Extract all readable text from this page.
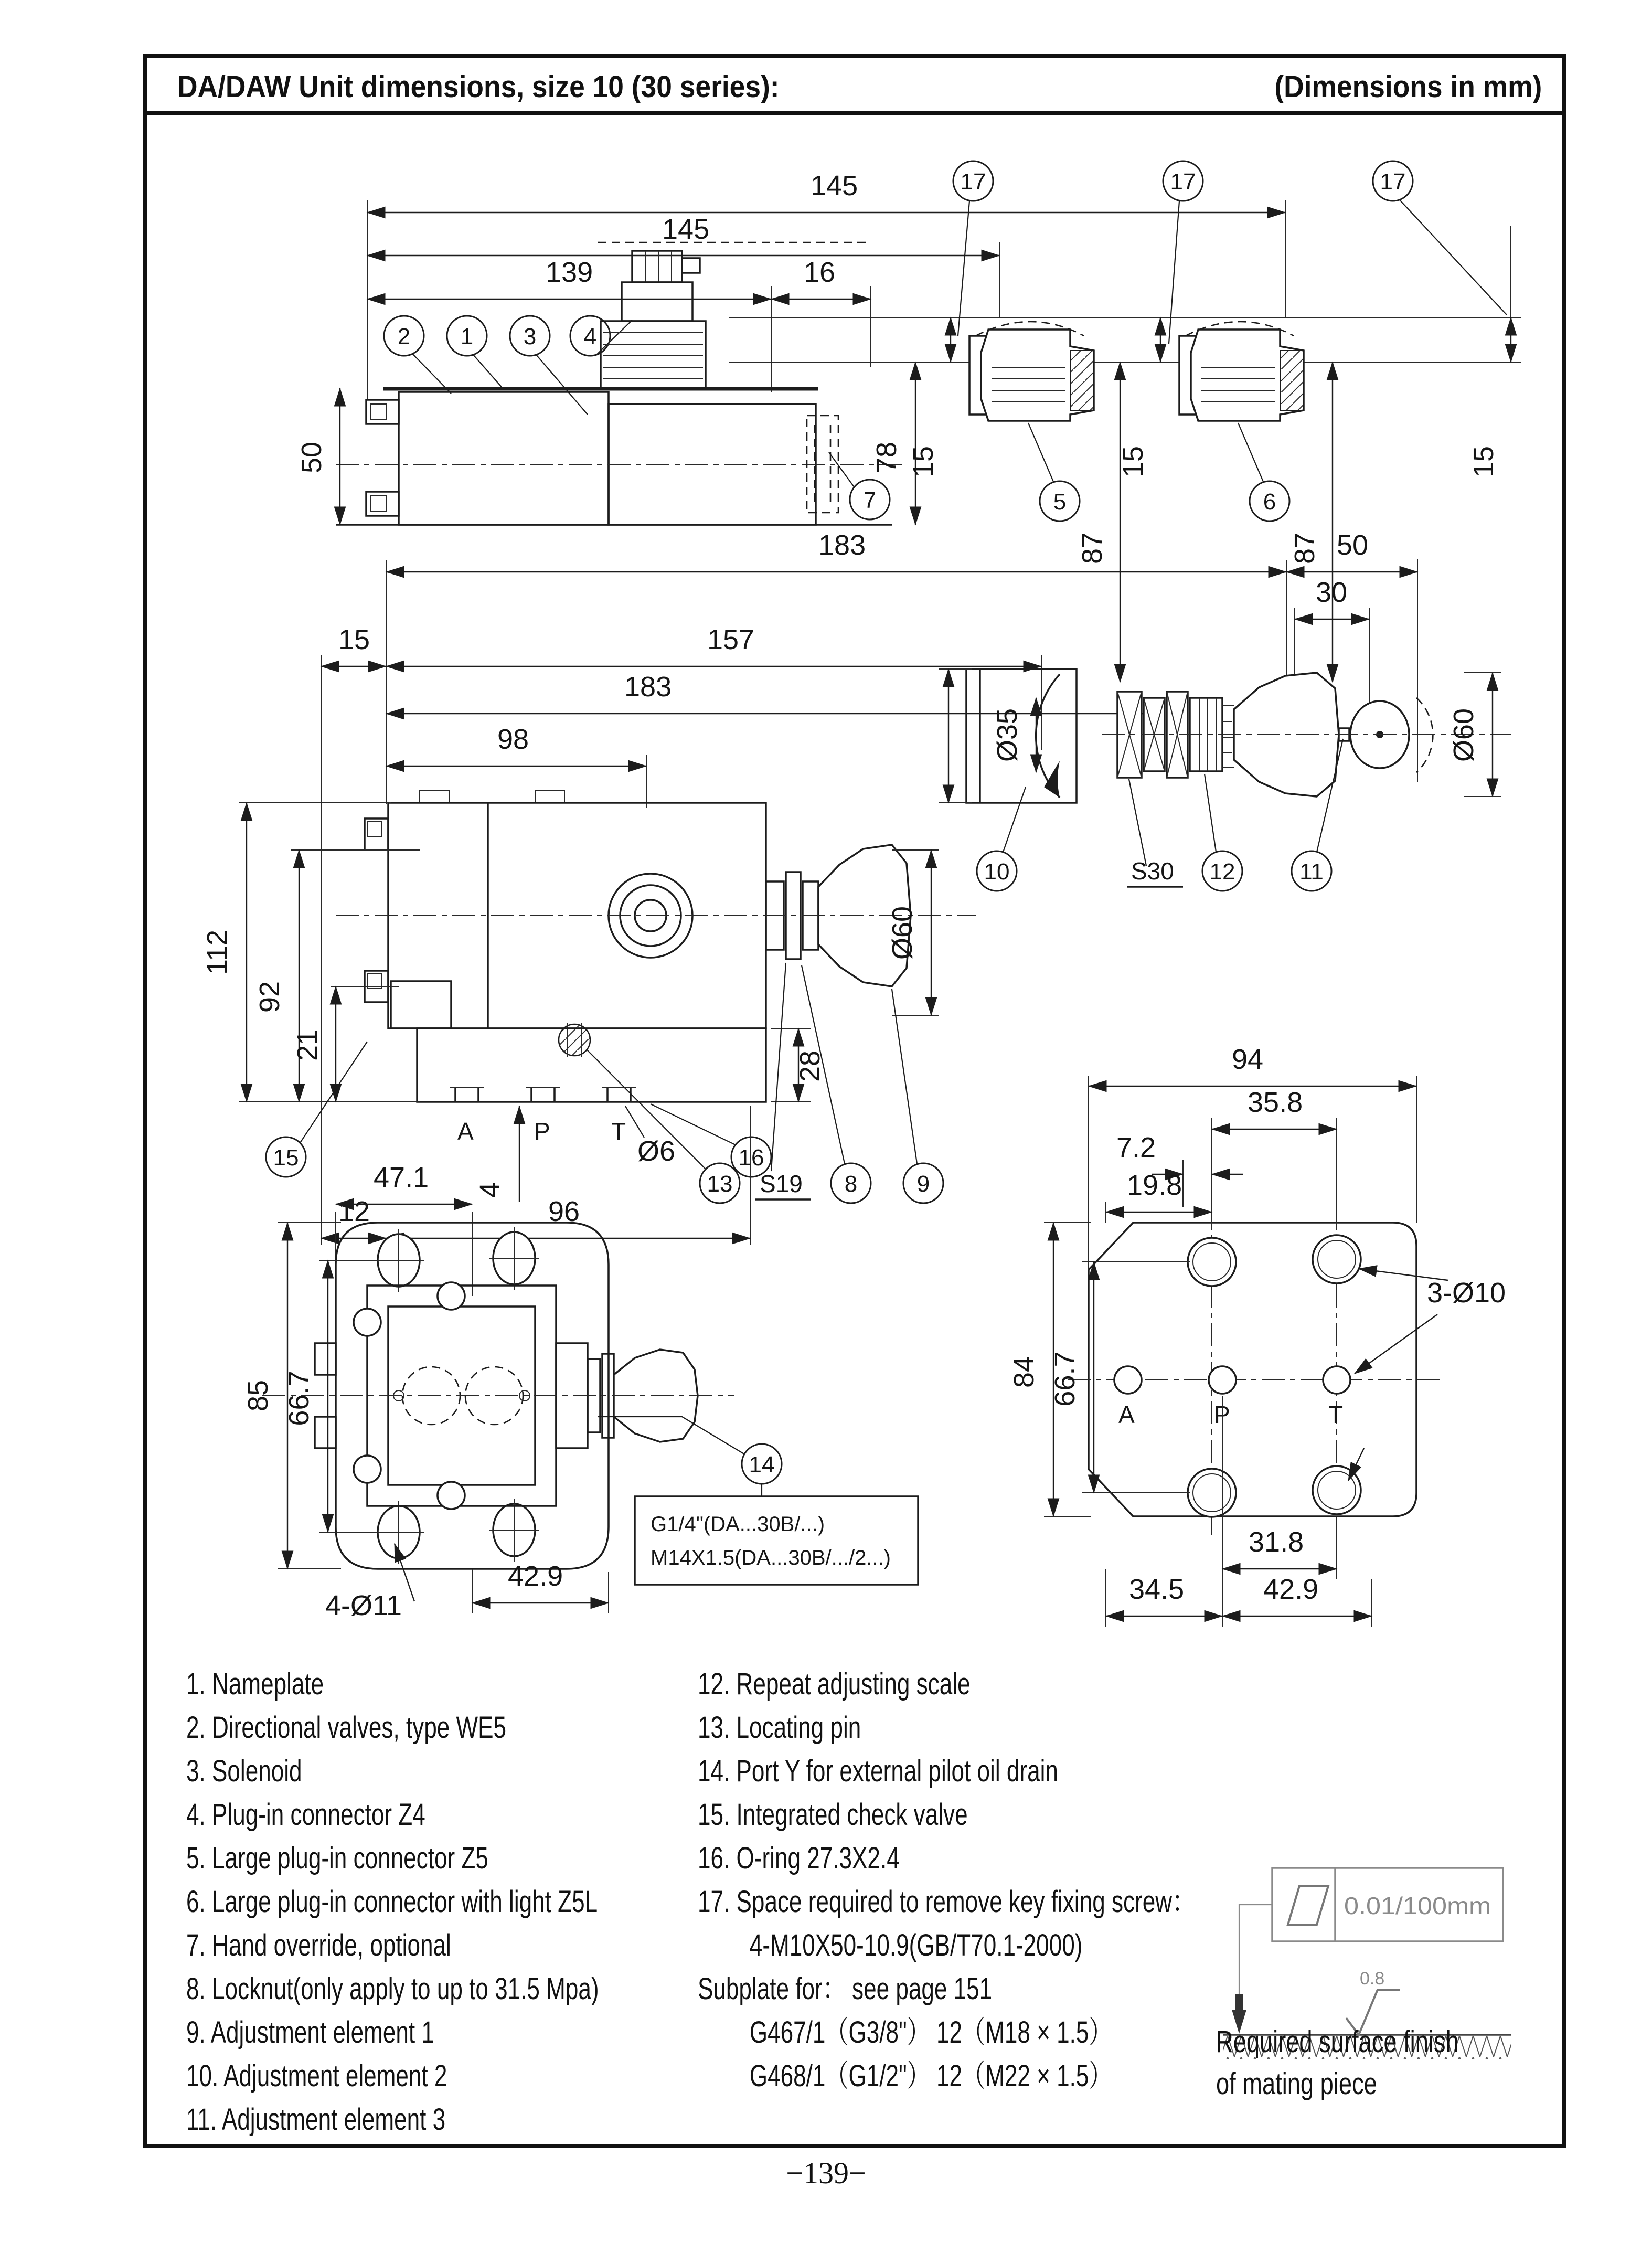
DA/DAW Unit dimensions, size 10 (30 series):	(Dimensions in mm)
145
145
139	16
2 1 3 4
7
50	78
17	17	17
5	6
15
87
15
87
15
183	50
30
157
15
183
98
Ø60
112
92
21
15
28
A	P	T
Ø6	16
4
12	96
13 S19 8	9
Ø35
10
Ø60
S30 12	11
47.1
85 66.7
4-Ø11
42.9
14
G1/4"(DA...30B/...)
M14X1.5(DA...30B/.../2...)
A	P	T
94
35.8
7.2
19.8
84 66.7
3-Ø10
31.8
34.5	42.9
0.01/100mm
0.8
1. Nameplate
2. Directional valves, type WE5
3. Solenoid
4. Plug-in connector Z4
5. Large plug-in connector Z5
6. Large plug-in connector with light Z5L
7. Hand override, optional
8. Locknut(only apply to up to 31.5 Mpa)
9. Adjustment element 1
10. Adjustment element 2
11. Adjustment element 3
12. Repeat adjusting scale
13. Locating pin
14. Port Y for external pilot oil drain
15. Integrated check valve
16. O-ring 27.3X2.4
17. Space required to remove key fixing screw：
4-M10X50-10.9(GB/T70.1-2000)
Subplate for： see page 151
G467/1（G3/8"） 12（M18 × 1.5）
G468/1（G1/2"） 12（M22 × 1.5）
Required surface finish
of mating piece
−139−
